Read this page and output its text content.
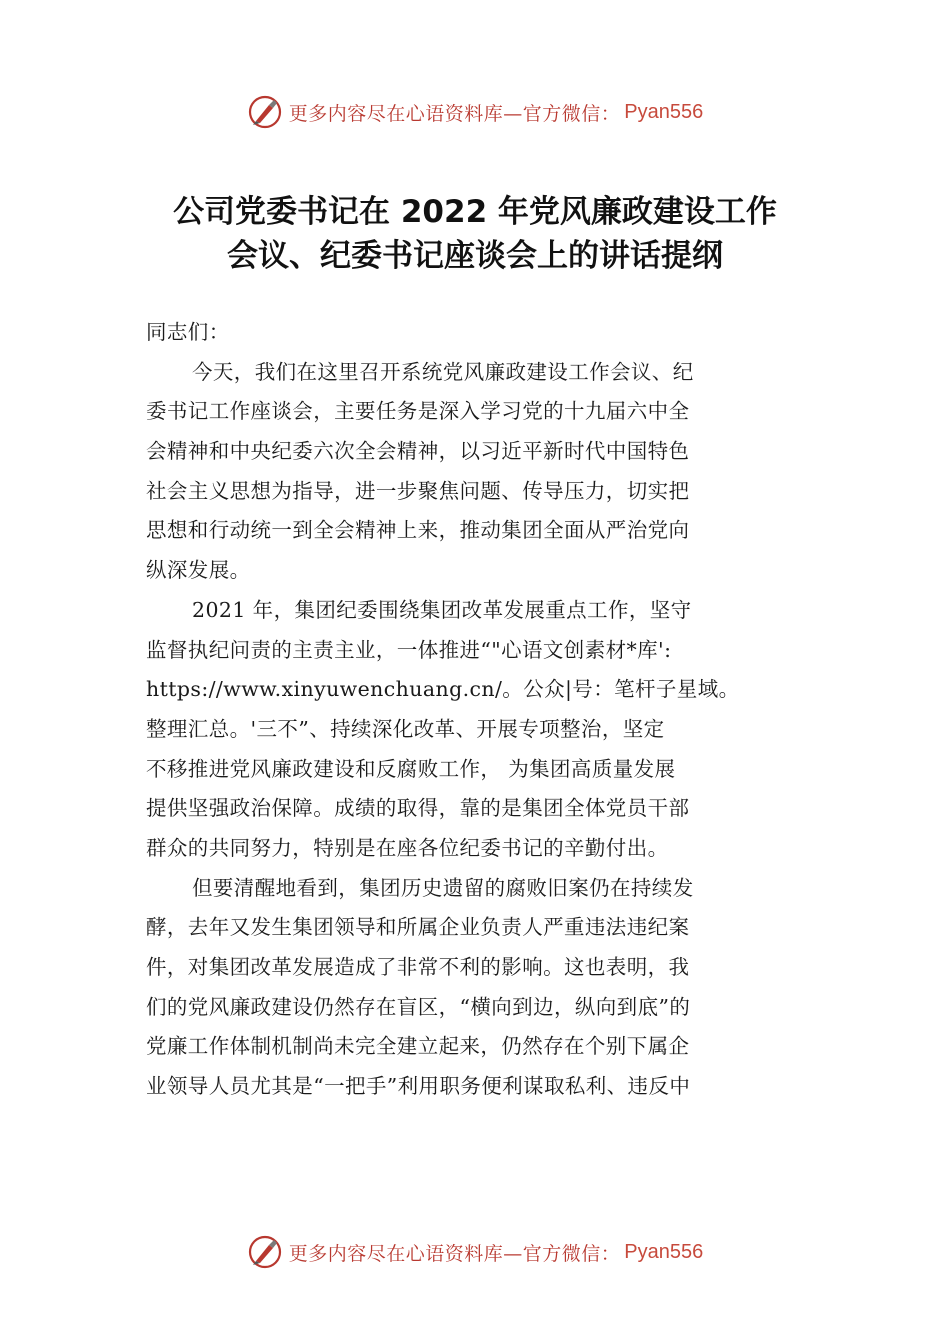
更多内容尽在心语资料库—官方微信： Pyan556
公司党委书记在 2022 年党风廉政建设工作
会议、纪委书记座谈会上的讲话提纲
同志们：
今天，我们在这里召开系统党风廉政建设工作会议、纪
委书记工作座谈会，主要任务是深入学习党的十九届六中全
会精神和中央纪委六次全会精神，以习近平新时代中国特色
社会主义思想为指导，进一步聚焦问题、传导压力，切实把
思想和行动统一到全会精神上来，推动集团全面从严治党向
纵深发展。
2021 年，集团纪委围绕集团改革发展重点工作，坚守
监督执纪问责的主责主业，一体推进“"心语文创素材*库':
https://www.xinyuwenchuang.cn/。公众|号：笔杆子星域。
整理汇总。'三不”、持续深化改革、开展专项整治，坚定
不移推进党风廉政建设和反腐败工作， 为集团高质量发展
提供坚强政治保障。成绩的取得，靠的是集团全体党员干部
群众的共同努力，特别是在座各位纪委书记的辛勤付出。
但要清醒地看到，集团历史遗留的腐败旧案仍在持续发
酵，去年又发生集团领导和所属企业负责人严重违法违纪案
件，对集团改革发展造成了非常不利的影响。这也表明，我
们的党风廉政建设仍然存在盲区，“横向到边，纵向到底”的
党廉工作体制机制尚未完全建立起来，仍然存在个别下属企
业领导人员尤其是“一把手”利用职务便利谋取私利、违反中
更多内容尽在心语资料库—官方微信： Pyan556
